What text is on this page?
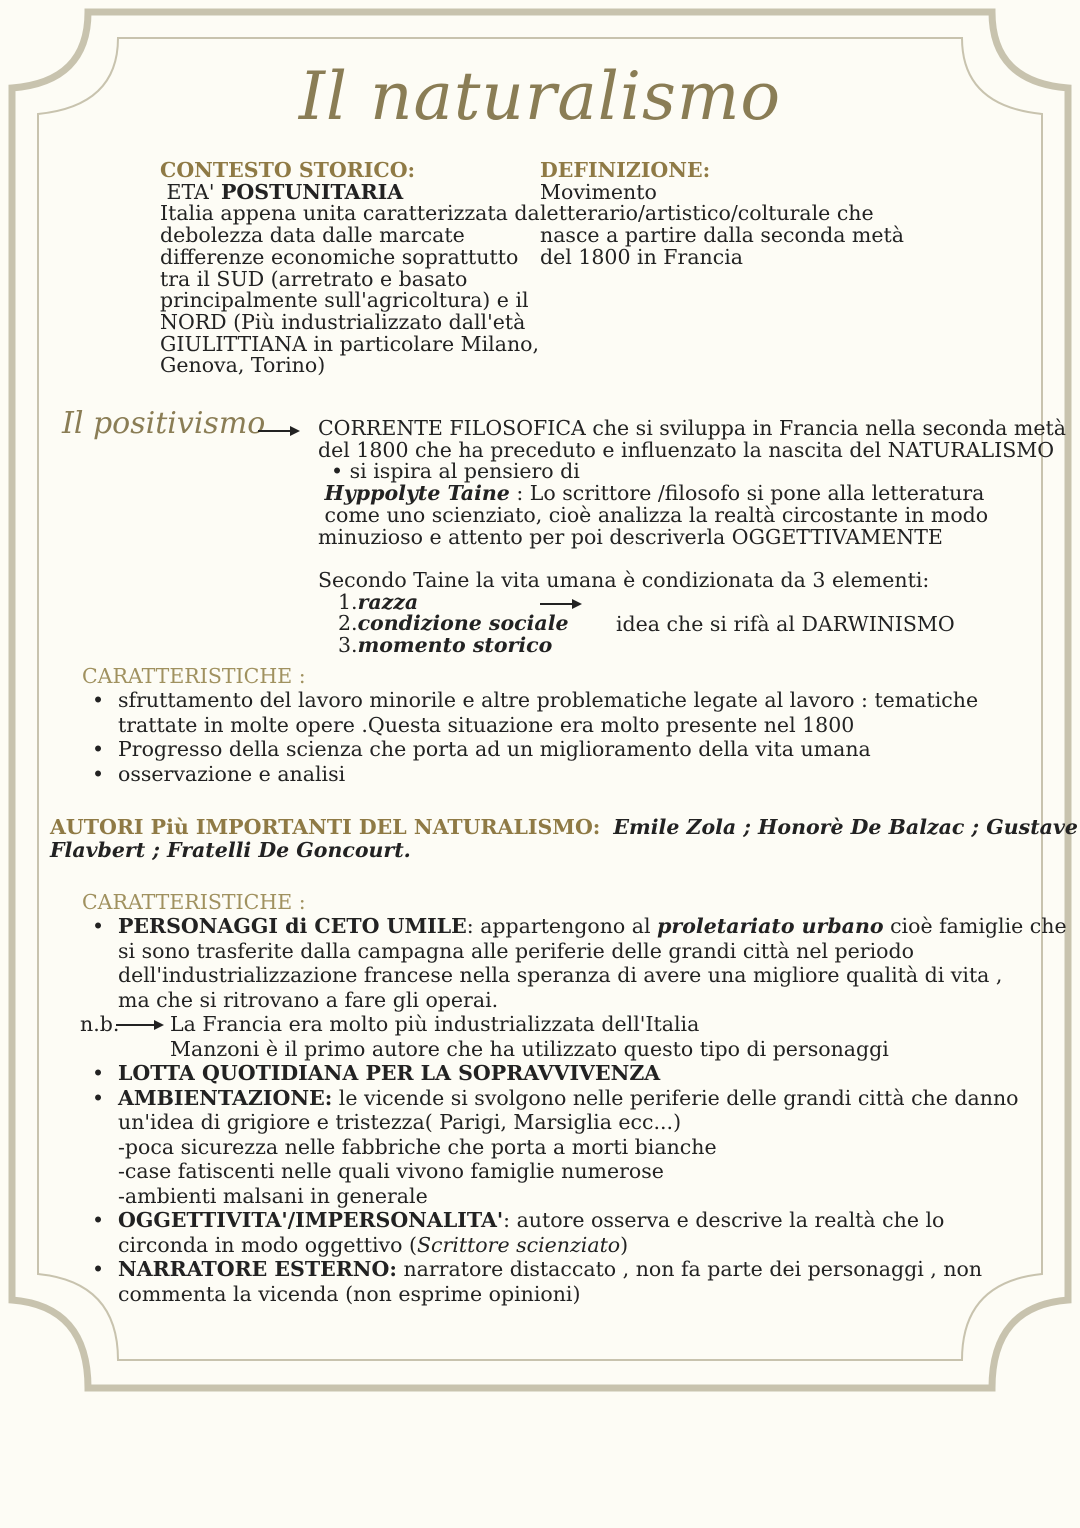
Il naturalismo
CONTESTO STORICO:
ETA' POSTUNITARIA
Italia appena unita caratterizzata da
debolezza data dalle marcate
differenze economiche soprattutto
tra il SUD (arretrato e basato
principalmente sull'agricoltura) e il
NORD (Più industrializzato dall'età
GIULITTIANA in particolare Milano,
Genova, Torino)
DEFINIZIONE:
Movimento
letterario/artistico/colturale che
nasce a partire dalla seconda metà
del 1800 in Francia
Il positivismo	CORRENTE FILOSOFICA che si sviluppa in Francia nella seconda metà
del 1800 che ha preceduto e influenzato la nascita del NATURALISMO
• si ispira al pensiero di
Hyppolyte Taine : Lo scrittore /filosofo si pone alla letteratura
come uno scienziato, cioè analizza la realtà circostante in modo
minuzioso e attento per poi descriverla OGGETTIVAMENTE
Secondo Taine la vita umana è condizionata da 3 elementi:
1.razza
2.condizione sociale
3.momento storico
idea che si rifà al DARWINISMO
CARATTERISTICHE :
• sfruttamento del lavoro minorile e altre problematiche legate al lavoro : tematiche
trattate in molte opere .Questa situazione era molto presente nel 1800
• Progresso della scienza che porta ad un miglioramento della vita umana
• osservazione e analisi
AUTORI Più IMPORTANTI DEL NATURALISMO: Emile Zola ; Honorè De Balzac ; Gustave
Flavbert ; Fratelli De Goncourt.
CARATTERISTICHE :
• PERSONAGGI di CETO UMILE: appartengono al proletariato urbano cioè famiglie che
si sono trasferite dalla campagna alle periferie delle grandi città nel periodo
dell'industrializzazione francese nella speranza di avere una migliore qualità di vita ,
ma che si ritrovano a fare gli operai.
n.b. La Francia era molto più industrializzata dell'Italia
Manzoni è il primo autore che ha utilizzato questo tipo di personaggi
• LOTTA QUOTIDIANA PER LA SOPRAVVIVENZA
• AMBIENTAZIONE: le vicende si svolgono nelle periferie delle grandi città che danno
un'idea di grigiore e tristezza( Parigi, Marsiglia ecc...)
-poca sicurezza nelle fabbriche che porta a morti bianche
-case fatiscenti nelle quali vivono famiglie numerose
-ambienti malsani in generale
• OGGETTIVITA'/IMPERSONALITA': autore osserva e descrive la realtà che lo
circonda in modo oggettivo (Scrittore scienziato)
• NARRATORE ESTERNO: narratore distaccato , non fa parte dei personaggi , non
commenta la vicenda (non esprime opinioni)
